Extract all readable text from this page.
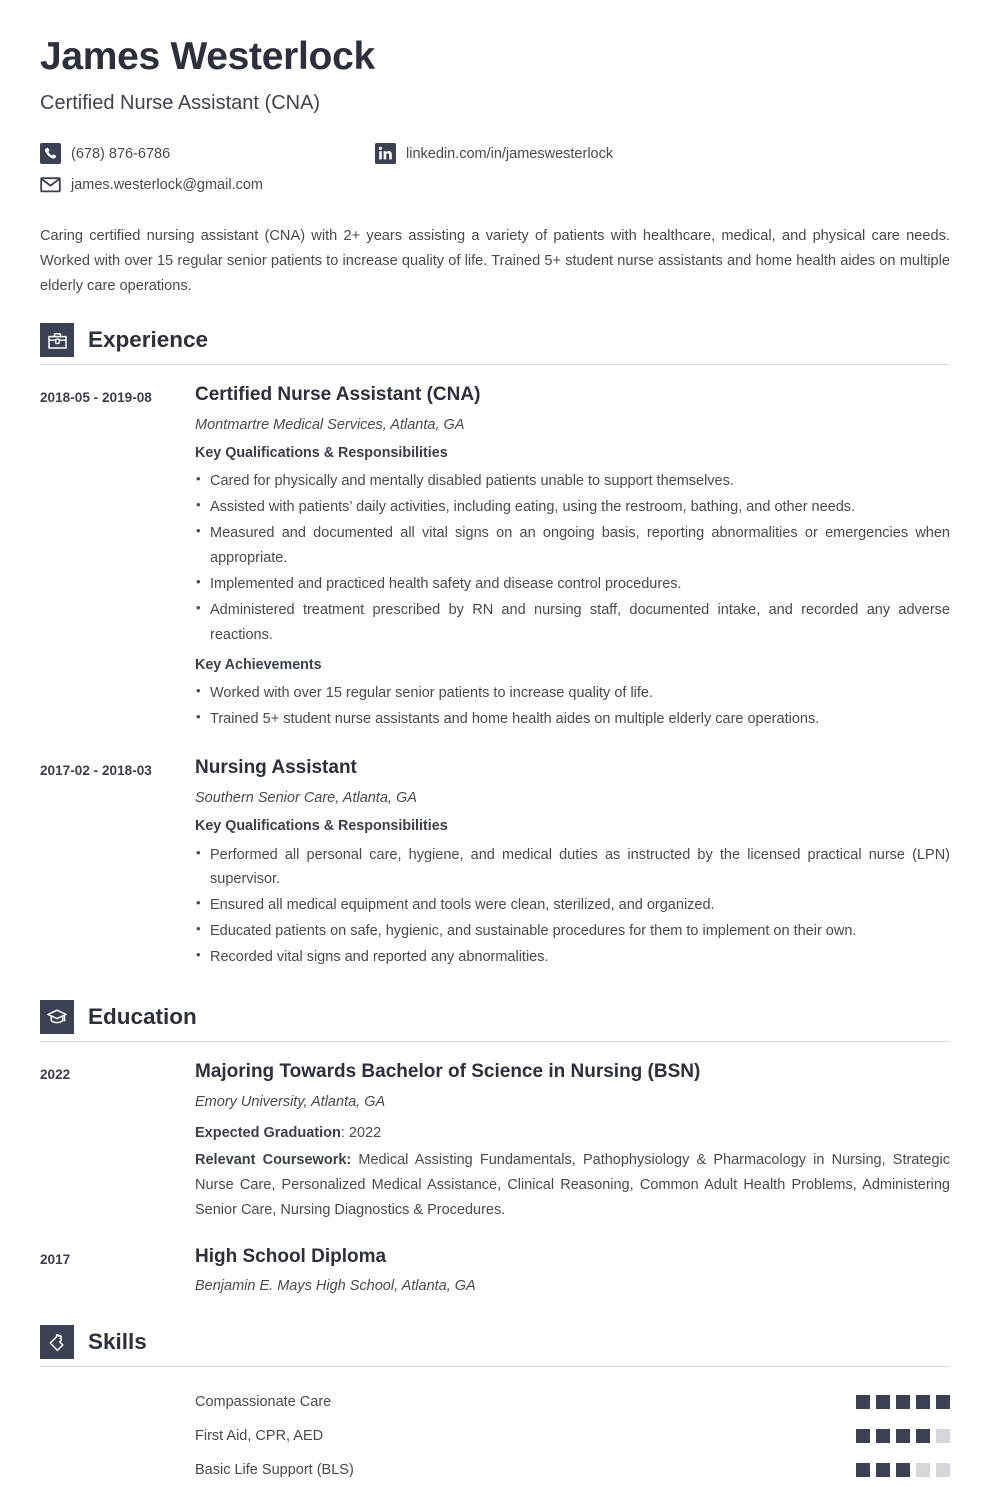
James Westerlock
Certified Nurse Assistant (CNA)
(678) 876-6786	linkedin.com/in/jameswesterlock
james.westerlock@gmail.com

Caring certified nursing assistant (CNA) with 2+ years assisting a variety of patients with healthcare, medical, and physical care needs. Worked with over 15 regular senior patients to increase quality of life. Trained 5+ student nurse assistants and home health aides on multiple elderly care operations.

Experience
2018-05 - 2019-08	Certified Nurse Assistant (CNA)
Montmartre Medical Services, Atlanta, GA
Key Qualifications & Responsibilities
• Cared for physically and mentally disabled patients unable to support themselves.
• Assisted with patients’ daily activities, including eating, using the restroom, bathing, and other needs.
• Measured and documented all vital signs on an ongoing basis, reporting abnormalities or emergencies when appropriate.
• Implemented and practiced health safety and disease control procedures.
• Administered treatment prescribed by RN and nursing staff, documented intake, and recorded any adverse reactions.
Key Achievements
• Worked with over 15 regular senior patients to increase quality of life.
• Trained 5+ student nurse assistants and home health aides on multiple elderly care operations.
2017-02 - 2018-03	Nursing Assistant
Southern Senior Care, Atlanta, GA
Key Qualifications & Responsibilities
• Performed all personal care, hygiene, and medical duties as instructed by the licensed practical nurse (LPN) supervisor.
• Ensured all medical equipment and tools were clean, sterilized, and organized.
• Educated patients on safe, hygienic, and sustainable procedures for them to implement on their own.
• Recorded vital signs and reported any abnormalities.
Education
2022	Majoring Towards Bachelor of Science in Nursing (BSN)
Emory University, Atlanta, GA
Expected Graduation: 2022
Relevant Coursework: Medical Assisting Fundamentals, Pathophysiology & Pharmacology in Nursing, Strategic Nurse Care, Personalized Medical Assistance, Clinical Reasoning, Common Adult Health Problems, Administering Senior Care, Nursing Diagnostics & Procedures.
2017	High School Diploma
Benjamin E. Mays High School, Atlanta, GA
Skills
Compassionate Care
First Aid, CPR, AED
Basic Life Support (BLS)
